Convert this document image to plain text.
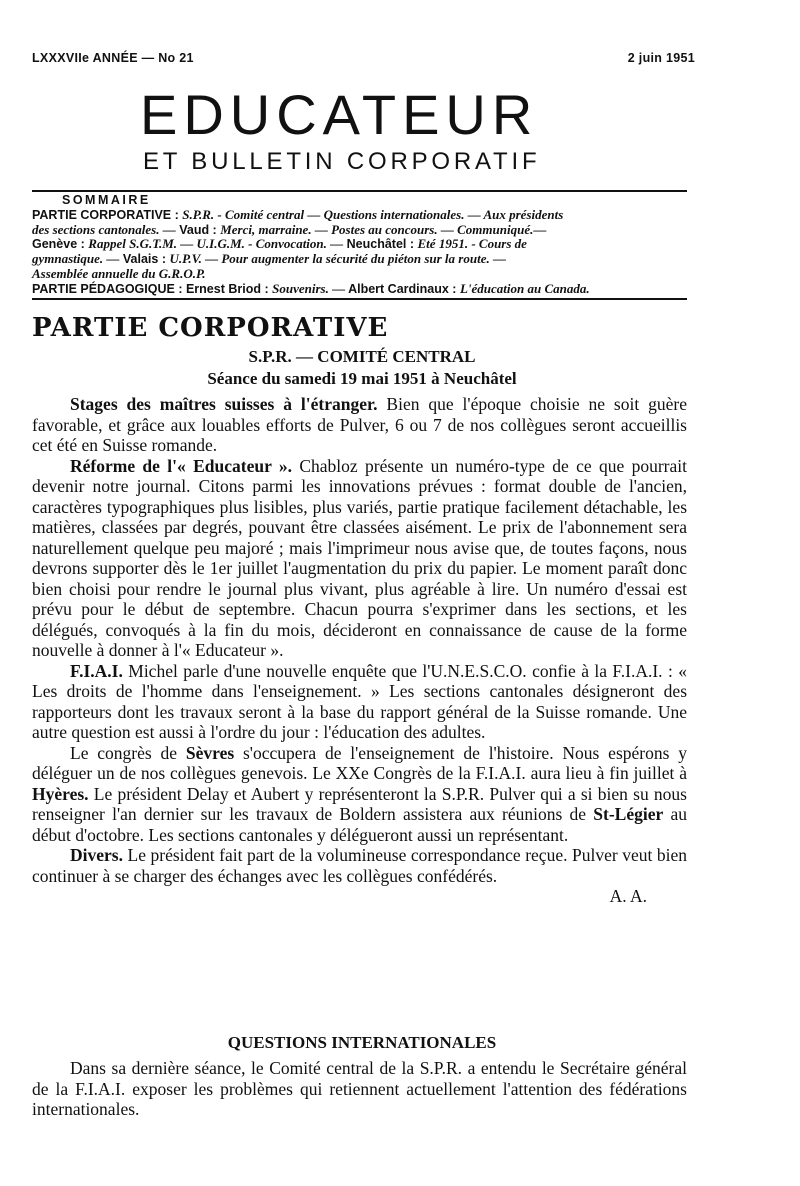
LXXXVIIe ANNÉE — No 21	2 juin 1951
EDUCATEUR
ET BULLETIN CORPORATIF
SOMMAIRE
PARTIE CORPORATIVE : S.P.R. - Comité central — Questions internationales. — Aux présidents
des sections cantonales. — Vaud : Merci, marraine. — Postes au concours. — Communiqué.—
Genève : Rappel S.G.T.M. — U.I.G.M. - Convocation. — Neuchâtel : Eté 1951. - Cours de
gymnastique. — Valais : U.P.V. — Pour augmenter la sécurité du piéton sur la route. —
Assemblée annuelle du G.R.O.P.
PARTIE PÉDAGOGIQUE : Ernest Briod : Souvenirs. — Albert Cardinaux : L'éducation au Canada.
PARTIE CORPORATIVE
S.P.R. — COMITÉ CENTRAL
Séance du samedi 19 mai 1951 à Neuchâtel

Stages des maîtres suisses à l'étranger. Bien que l'époque choisie ne soit guère favorable, et grâce aux louables efforts de Pulver, 6 ou 7 de nos collègues seront accueillis cet été en Suisse romande.

Réforme de l'« Educateur ». Chabloz présente un numéro-type de ce que pourrait devenir notre journal. Citons parmi les innovations prévues : format double de l'ancien, caractères typographiques plus lisibles, plus variés, partie pratique facilement détachable, les matières, classées par degrés, pouvant être classées aisément. Le prix de l'abonnement sera naturellement quelque peu majoré ; mais l'imprimeur nous avise que, de toutes façons, nous devrons supporter dès le 1er juillet l'augmentation du prix du papier. Le moment paraît donc bien choisi pour rendre le journal plus vivant, plus agréable à lire. Un numéro d'essai est prévu pour le début de septembre. Chacun pourra s'exprimer dans les sections, et les délégués, convoqués à la fin du mois, décideront en connaissance de cause de la forme nouvelle à donner à l'« Educateur ».

F.I.A.I. Michel parle d'une nouvelle enquête que l'U.N.E.S.C.O. confie à la F.I.A.I. : « Les droits de l'homme dans l'enseignement. » Les sections cantonales désigneront des rapporteurs dont les travaux seront à la base du rapport général de la Suisse romande. Une autre question est aussi à l'ordre du jour : l'éducation des adultes.

Le congrès de Sèvres s'occupera de l'enseignement de l'histoire. Nous espérons y déléguer un de nos collègues genevois. Le XXe Congrès de la F.I.A.I. aura lieu à fin juillet à Hyères. Le président Delay et Aubert y représenteront la S.P.R. Pulver qui a si bien su nous renseigner l'an dernier sur les travaux de Boldern assistera aux réunions de St-Légier au début d'octobre. Les sections cantonales y délégueront aussi un représentant.

Divers. Le président fait part de la volumineuse correspondance reçue. Pulver veut bien continuer à se charger des échanges avec les collègues confédérés.

A. A.
QUESTIONS INTERNATIONALES

Dans sa dernière séance, le Comité central de la S.P.R. a entendu le Secrétaire général de la F.I.A.I. exposer les problèmes qui retiennent actuellement l'attention des fédérations internationales.
